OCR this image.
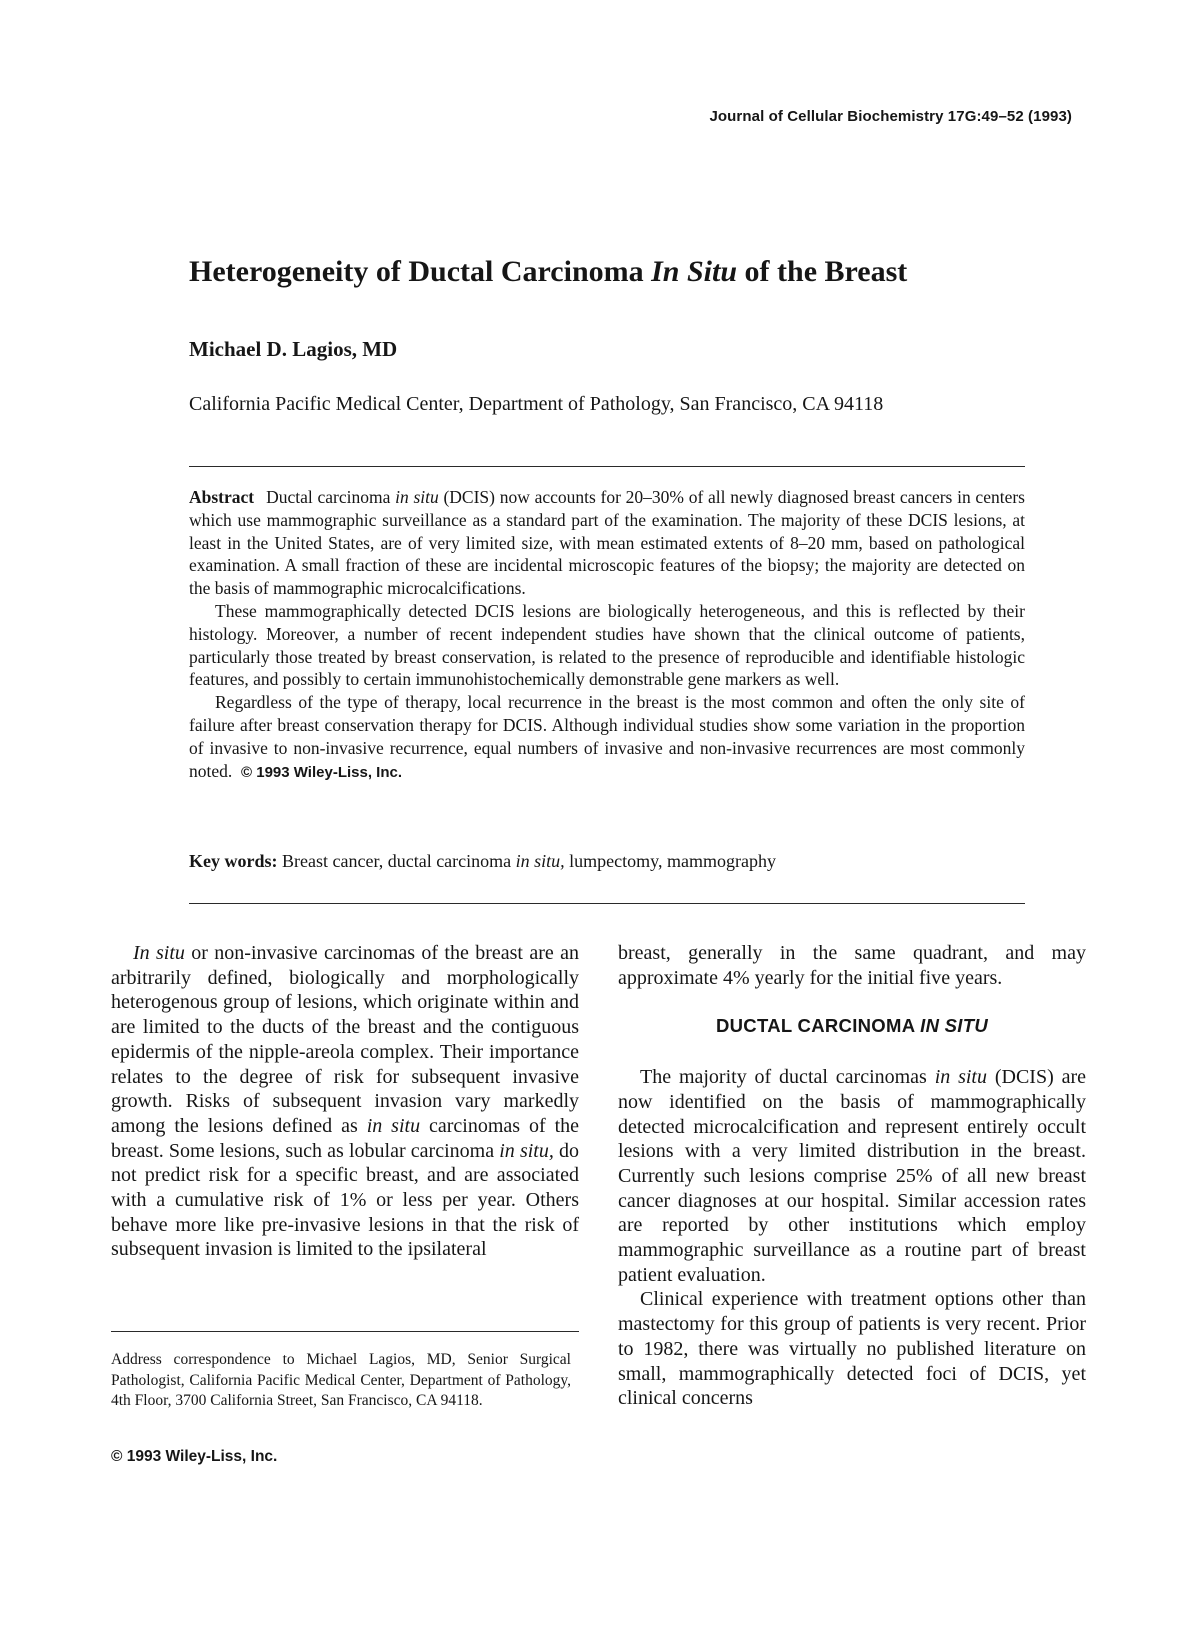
Journal of Cellular Biochemistry 17G:49–52 (1993)
Heterogeneity of Ductal Carcinoma In Situ of the Breast

Michael D. Lagios, MD

California Pacific Medical Center, Department of Pathology, San Francisco, CA 94118

Abstract Ductal carcinoma in situ (DCIS) now accounts for 20–30% of all newly diagnosed breast cancers in centers which use mammographic surveillance as a standard part of the examination. The majority of these DCIS lesions, at least in the United States, are of very limited size, with mean estimated extents of 8–20 mm, based on pathological examination. A small fraction of these are incidental microscopic features of the biopsy; the majority are detected on the basis of mammographic microcalcifications.

These mammographically detected DCIS lesions are biologically heterogeneous, and this is reflected by their histology. Moreover, a number of recent independent studies have shown that the clinical outcome of patients, particularly those treated by breast conservation, is related to the presence of reproducible and identifiable histologic features, and possibly to certain immunohistochemically demonstrable gene markers as well.

Regardless of the type of therapy, local recurrence in the breast is the most common and often the only site of failure after breast conservation therapy for DCIS. Although individual studies show some variation in the proportion of invasive to non-invasive recurrence, equal numbers of invasive and non-invasive recurrences are most commonly noted. © 1993 Wiley-Liss, Inc.

Key words: Breast cancer, ductal carcinoma in situ, lumpectomy, mammography

In situ or non-invasive carcinomas of the breast are an arbitrarily defined, biologically and morphologically heterogenous group of lesions, which originate within and are limited to the ducts of the breast and the contiguous epidermis of the nipple-areola complex. Their importance relates to the degree of risk for subsequent invasive growth. Risks of subsequent invasion vary markedly among the lesions defined as in situ carcinomas of the breast. Some lesions, such as lobular carcinoma in situ, do not predict risk for a specific breast, and are associated with a cumulative risk of 1% or less per year. Others behave more like pre-invasive lesions in that the risk of subsequent invasion is limited to the ipsilateral

Address correspondence to Michael Lagios, MD, Senior Surgical Pathologist, California Pacific Medical Center, Department of Pathology, 4th Floor, 3700 California Street, San Francisco, CA 94118.

© 1993 Wiley-Liss, Inc.

breast, generally in the same quadrant, and may approximate 4% yearly for the initial five years.

DUCTAL CARCINOMA IN SITU

The majority of ductal carcinomas in situ (DCIS) are now identified on the basis of mammographically detected microcalcification and represent entirely occult lesions with a very limited distribution in the breast. Currently such lesions comprise 25% of all new breast cancer diagnoses at our hospital. Similar accession rates are reported by other institutions which employ mammographic surveillance as a routine part of breast patient evaluation.

Clinical experience with treatment options other than mastectomy for this group of patients is very recent. Prior to 1982, there was virtually no published literature on small, mammographically detected foci of DCIS, yet clinical concerns
